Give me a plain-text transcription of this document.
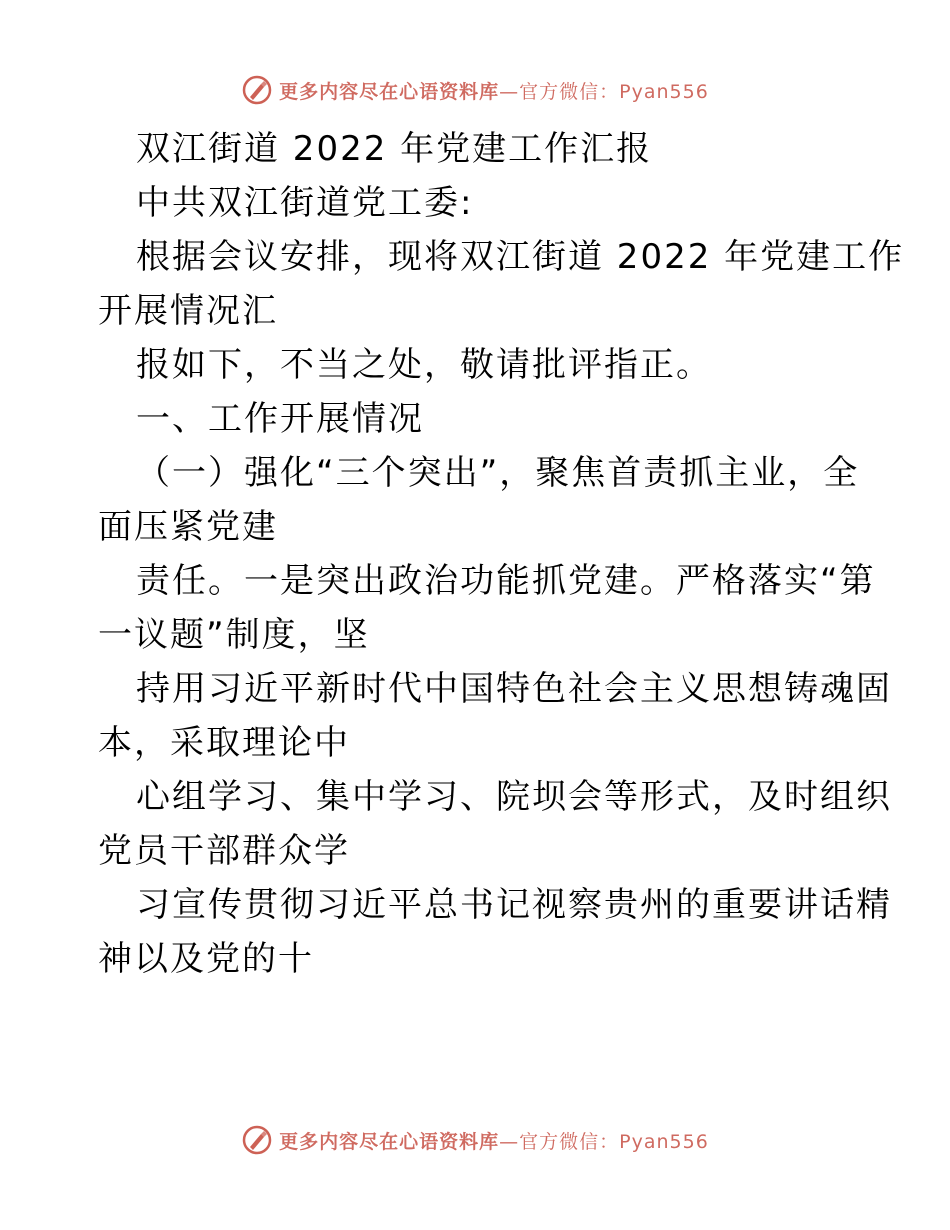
更多内容尽在心语资料库—官方微信：Pyan556
双江街道 2022 年党建工作汇报
中共双江街道党工委:
根据会议安排，现将双江街道 2022 年党建工作
开展情况汇
报如下，不当之处，敬请批评指正。
一、工作开展情况
（一）强化“三个突出”，聚焦首责抓主业，全
面压紧党建
责任。一是突出政治功能抓党建。严格落实“第
一议题”制度，坚
持用习近平新时代中国特色社会主义思想铸魂固
本，采取理论中
心组学习、集中学习、院坝会等形式，及时组织
党员干部群众学
习宣传贯彻习近平总书记视察贵州的重要讲话精
神以及党的十
更多内容尽在心语资料库—官方微信：Pyan556
